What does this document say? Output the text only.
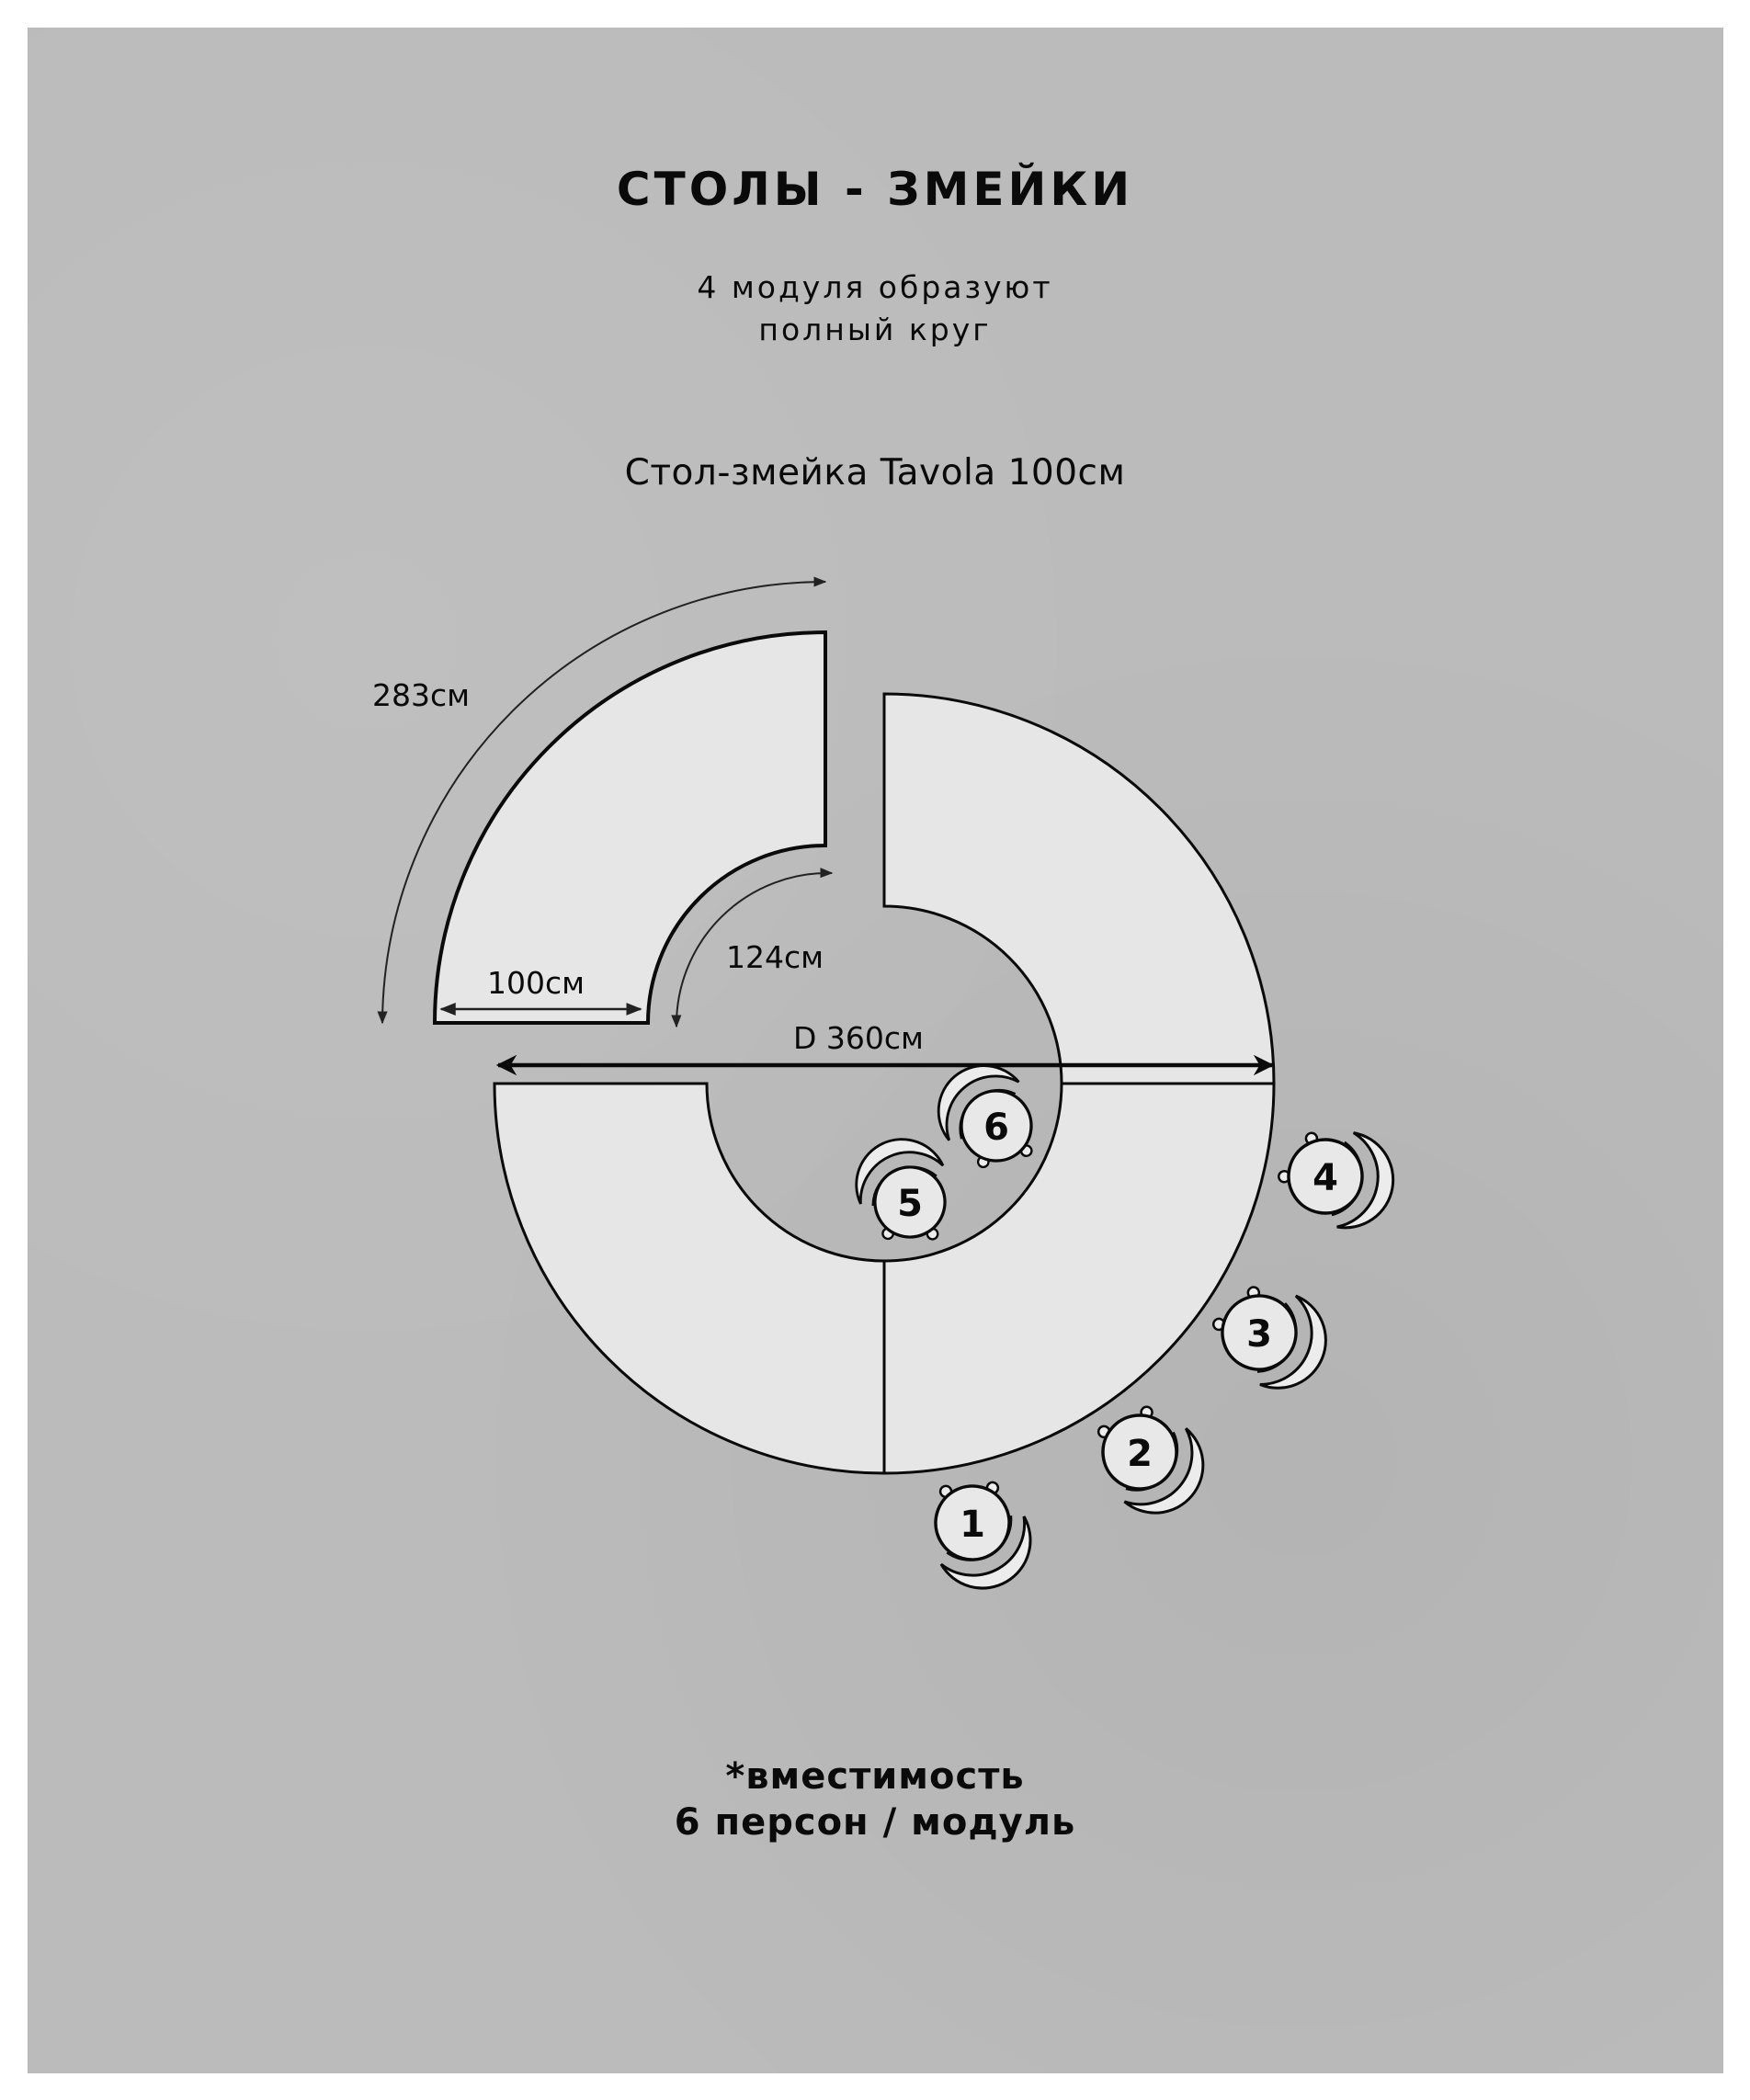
СТОЛЫ - ЗМЕЙКИ
4 модуля образуют
полный круг
Стол-змейка Tavola 100см
283см
124см
100см
D 360см
1
2
3
4
5
6
*вместимость
6 персон / модуль
